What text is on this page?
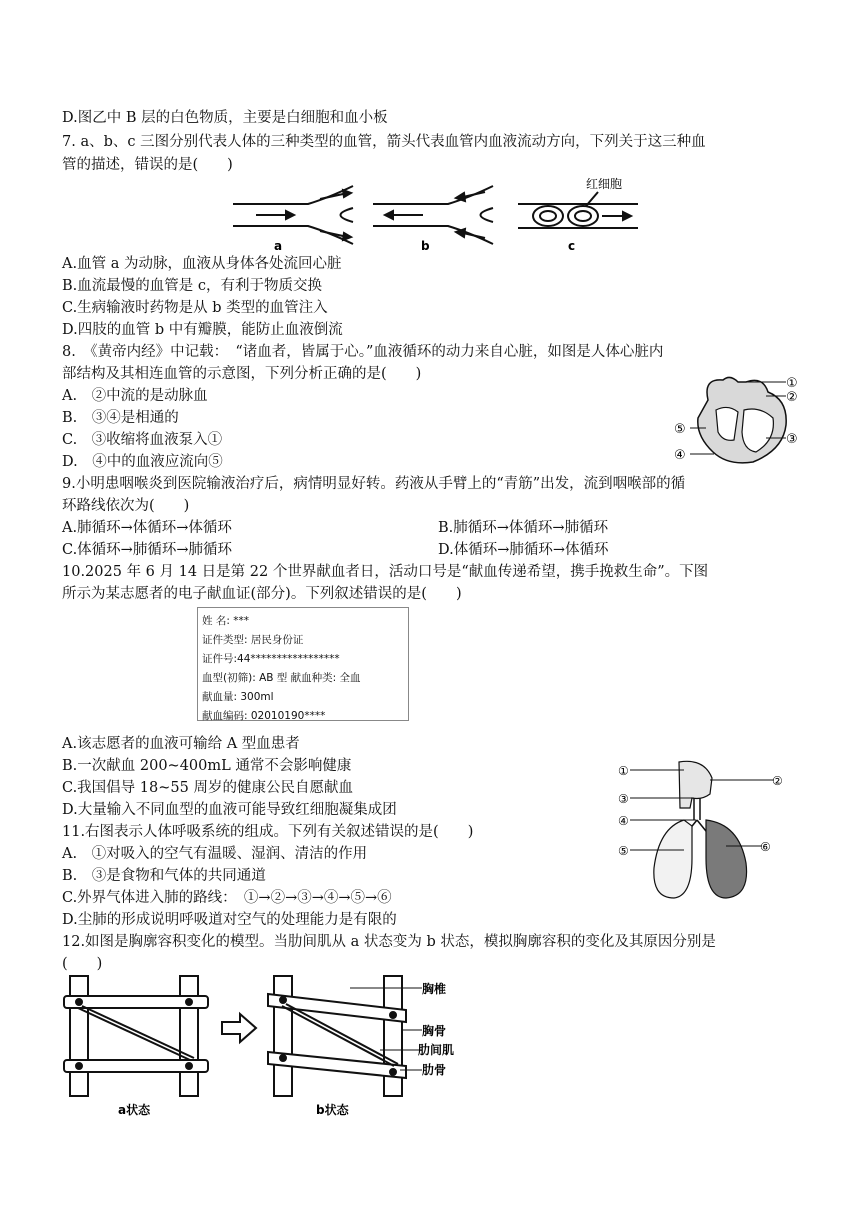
D.图乙中 B 层的白色物质，主要是白细胞和血小板
7. a、b、c 三图分别代表人体的三种类型的血管，箭头代表血管内血液流动方向，下列关于这三种血
管的描述，错误的是(　　)
a	b
红细胞
c
A.血管 a 为动脉，血液从身体各处流回心脏
B.血流最慢的血管是 c，有利于物质交换
C.生病输液时药物是从 b 类型的血管注入
D.四肢的血管 b 中有瓣膜，能防止血液倒流
8.　《黄帝内经》中记载：　“诸血者，皆属于心。”血液循环的动力来自心脏，如图是人体心脏内
部结构及其相连血管的示意图，下列分析正确的是(　　)
A.　②中流的是动脉血
B.　③④是相通的
C.　③收缩将血液泵入①
D.　④中的血液应流向⑤
①
②
③
⑤
④
9.小明患咽喉炎到医院输液治疗后，病情明显好转。药液从手臂上的“青筋”出发，流到咽喉部的循
环路线依次为(　　)
A.肺循环→体循环→体循环	B.肺循环→体循环→肺循环
C.体循环→肺循环→肺循环	D.体循环→肺循环→体循环
10.2025 年 6 月 14 日是第 22 个世界献血者日，活动口号是“献血传递希望，携手挽救生命”。下图
所示为某志愿者的电子献血证(部分)。下列叙述错误的是(　　)
姓 名: ***
证件类型: 居民身份证
证件号:44*****************
血型(初筛): AB 型 献血种类: 全血
献血量: 300ml
献血编码: 02010190****
A.该志愿者的血液可输给 A 型血患者
B.一次献血 200~400mL 通常不会影响健康
C.我国倡导 18~55 周岁的健康公民自愿献血
D.大量输入不同血型的血液可能导致红细胞凝集成团
①
②
③
④
⑤	⑥
11.右图表示人体呼吸系统的组成。下列有关叙述错误的是(　　)
A.　①对吸入的空气有温暖、湿润、清洁的作用
B.　③是食物和气体的共同通道
C.外界气体进入肺的路线：　①→②→③→④→⑤→⑥
D.尘肺的形成说明呼吸道对空气的处理能力是有限的
12.如图是胸廓容积变化的模型。当肋间肌从 a 状态变为 b 状态，模拟胸廓容积的变化及其原因分别是
(　　)
胸椎
胸骨
肋间肌
肋骨
a状态	b状态
